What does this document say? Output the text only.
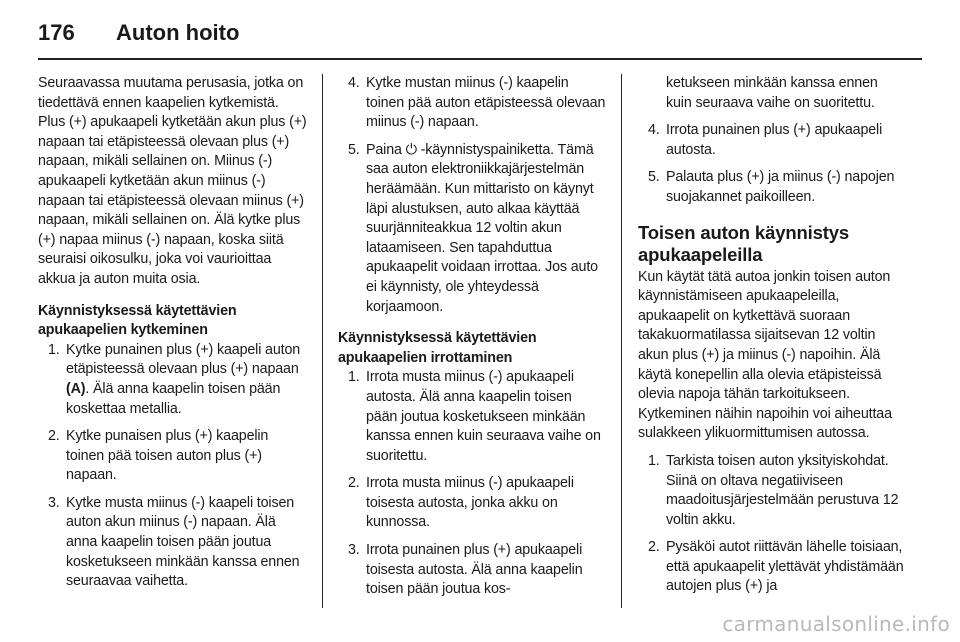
176 Auton hoito

Seuraavassa muutama perusasia, jotka on tiedettävä ennen kaapelien kytkemistä. Plus (+) apukaapeli kytketään akun plus (+) napaan tai etäpisteessä olevaan plus (+) napaan, mikäli sellainen on. Miinus (-) apukaapeli kytketään akun miinus (-) napaan tai etäpisteessä olevaan miinus (+) napaan, mikäli sellainen on. Älä kytke plus (+) napaa miinus (-) napaan, koska siitä seuraisi oikosulku, joka voi vaurioittaa akkua ja auton muita osia.

Käynnistyksessä käytettävien apukaapelien kytkeminen

1. Kytke punainen plus (+) kaapeli auton etäpisteessä olevaan plus (+) napaan (A). Älä anna kaapelin toisen pään koskettaa metallia.
2. Kytke punaisen plus (+) kaapelin toinen pää toisen auton plus (+) napaan.
3. Kytke musta miinus (-) kaapeli toisen auton akun miinus (-) napaan. Älä anna kaapelin toisen pään joutua kosketukseen minkään kanssa ennen seuraavaa vaihetta.
4. Kytke mustan miinus (-) kaapelin toinen pää auton etäpisteessä olevaan miinus (-) napaan.
5. Paina ⏻ -käynnistyspainiketta. Tämä saa auton elektroniikkajärjestelmän heräämään. Kun mittaristo on käynyt läpi alustuksen, auto alkaa käyttää suurjänniteakkua 12 voltin akun lataamiseen. Sen tapahduttua apukaapelit voidaan irrottaa. Jos auto ei käynnisty, ole yhteydessä korjaamoon.

Käynnistyksessä käytettävien apukaapelien irrottaminen

1. Irrota musta miinus (-) apukaapeli autosta. Älä anna kaapelin toisen pään joutua kosketukseen minkään kanssa ennen kuin seuraava vaihe on suoritettu.
2. Irrota musta miinus (-) apukaapeli toisesta autosta, jonka akku on kunnossa.
3. Irrota punainen plus (+) apukaapeli toisesta autosta. Älä anna kaapelin toisen pään joutua kos-
ketukseen minkään kanssa ennen kuin seuraava vaihe on suoritettu.
4. Irrota punainen plus (+) apukaapeli autosta.
5. Palauta plus (+) ja miinus (-) napojen suojakannet paikoilleen.
Toisen auton käynnistys apukaapeleilla

Kun käytät tätä autoa jonkin toisen auton käynnistämiseen apukaapeleilla, apukaapelit on kytkettävä suoraan takakuormatilassa sijaitsevan 12 voltin akun plus (+) ja miinus (-) napoihin. Älä käytä konepellin alla olevia etäpisteissä olevia napoja tähän tarkoitukseen. Kytkeminen näihin napoihin voi aiheuttaa sulakkeen ylikuormittumisen autossa.

1. Tarkista toisen auton yksityiskohdat. Siinä on oltava negatiiviseen maadoitusjärjestelmään perustuva 12 voltin akku.
2. Pysäköi autot riittävän lähelle toisiaan, että apukaapelit ylettävät yhdistämään autojen plus (+) ja
carmanualsonline.info
